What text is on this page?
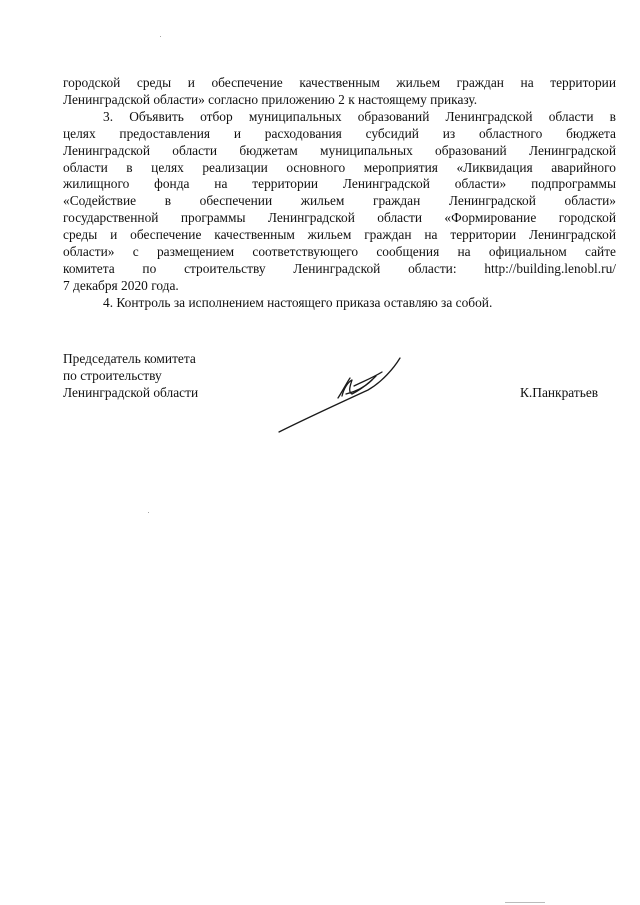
городской среды и обеспечение качественным жильем граждан на территории
Ленинградской области» согласно приложению 2 к настоящему приказу.

3. Объявить отбор муниципальных образований Ленинградской области в
целях предоставления и расходования субсидий из областного бюджета
Ленинградской области бюджетам муниципальных образований Ленинградской
области в целях реализации основного мероприятия «Ликвидация аварийного
жилищного фонда на территории Ленинградской области» подпрограммы
«Содействие в обеспечении жильем граждан Ленинградской области»
государственной программы Ленинградской области «Формирование городской
среды и обеспечение качественным жильем граждан на территории Ленинградской
области» с размещением соответствующего сообщения на официальном сайте
комитета по строительству Ленинградской области: http://building.lenobl.ru/
7 декабря 2020 года.

4. Контроль за исполнением настоящего приказа оставляю за собой.

Председатель комитета
по строительству
Ленинградской области	К.Панкратьев
